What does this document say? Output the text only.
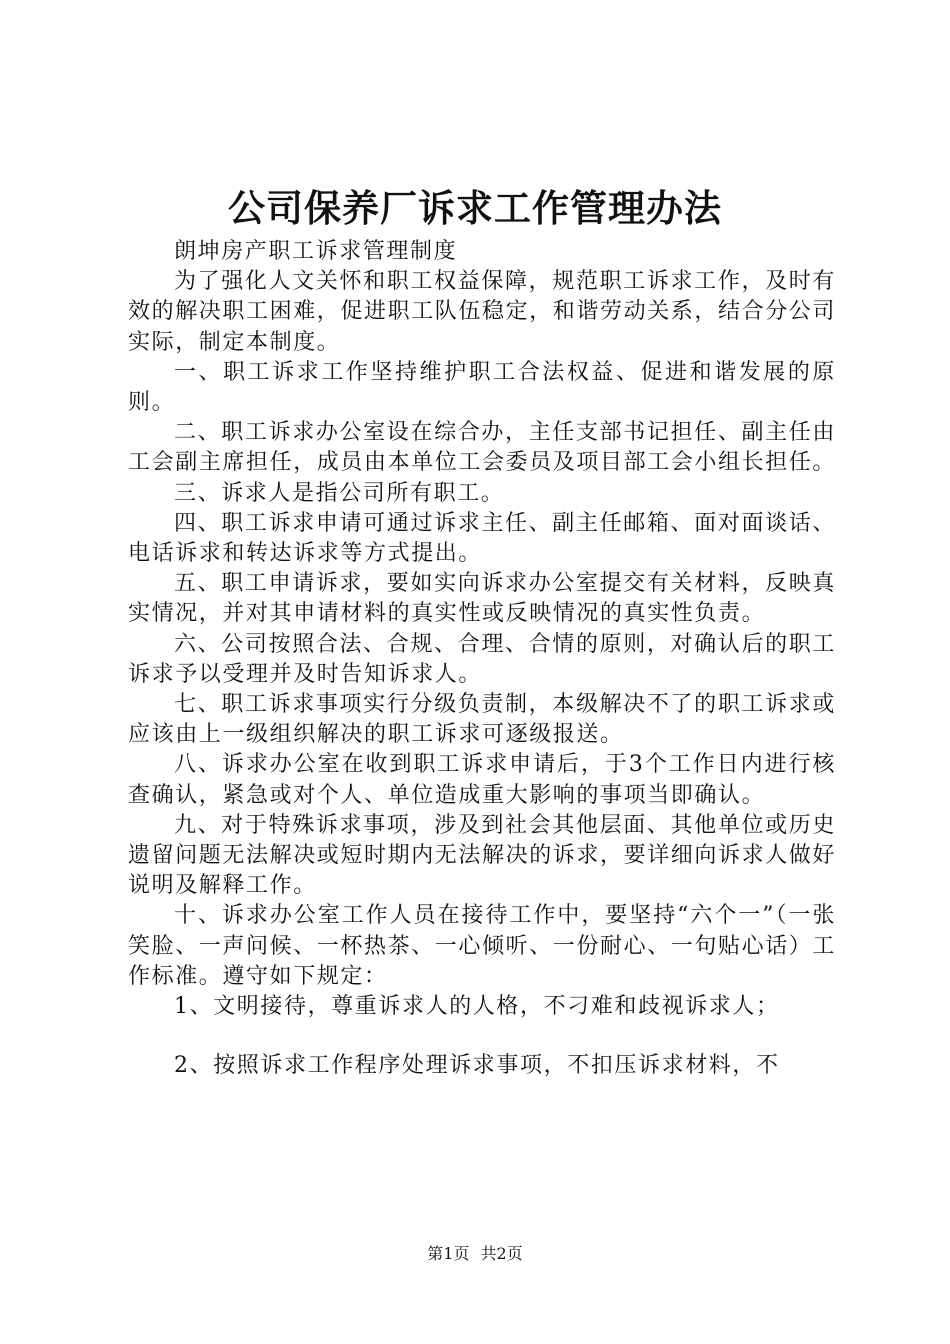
公司保养厂诉求工作管理办法

朗坤房产职工诉求管理制度

为了强化人文关怀和职工权益保障，规范职工诉求工作，及时有效的解决职工困难，促进职工队伍稳定，和谐劳动关系，结合分公司实际，制定本制度。

一、职工诉求工作坚持维护职工合法权益、促进和谐发展的原则。

二、职工诉求办公室设在综合办，主任支部书记担任、副主任由工会副主席担任，成员由本单位工会委员及项目部工会小组长担任。

三、诉求人是指公司所有职工。

四、职工诉求申请可通过诉求主任、副主任邮箱、面对面谈话、电话诉求和转达诉求等方式提出。

五、职工申请诉求，要如实向诉求办公室提交有关材料，反映真实情况，并对其申请材料的真实性或反映情况的真实性负责。

六、公司按照合法、合规、合理、合情的原则，对确认后的职工诉求予以受理并及时告知诉求人。

七、职工诉求事项实行分级负责制，本级解决不了的职工诉求或应该由上一级组织解决的职工诉求可逐级报送。

八、诉求办公室在收到职工诉求申请后，于3个工作日内进行核查确认，紧急或对个人、单位造成重大影响的事项当即确认。

九、对于特殊诉求事项，涉及到社会其他层面、其他单位或历史遗留问题无法解决或短时期内无法解决的诉求，要详细向诉求人做好说明及解释工作。

十、诉求办公室工作人员在接待工作中，要坚持“六个一”（一张笑脸、一声问候、一杯热茶、一心倾听、一份耐心、一句贴心话）工作标准。遵守如下规定：

1、文明接待，尊重诉求人的人格，不刁难和歧视诉求人；

2、按照诉求工作程序处理诉求事项，不扣压诉求材料，不

第1页 共2页
